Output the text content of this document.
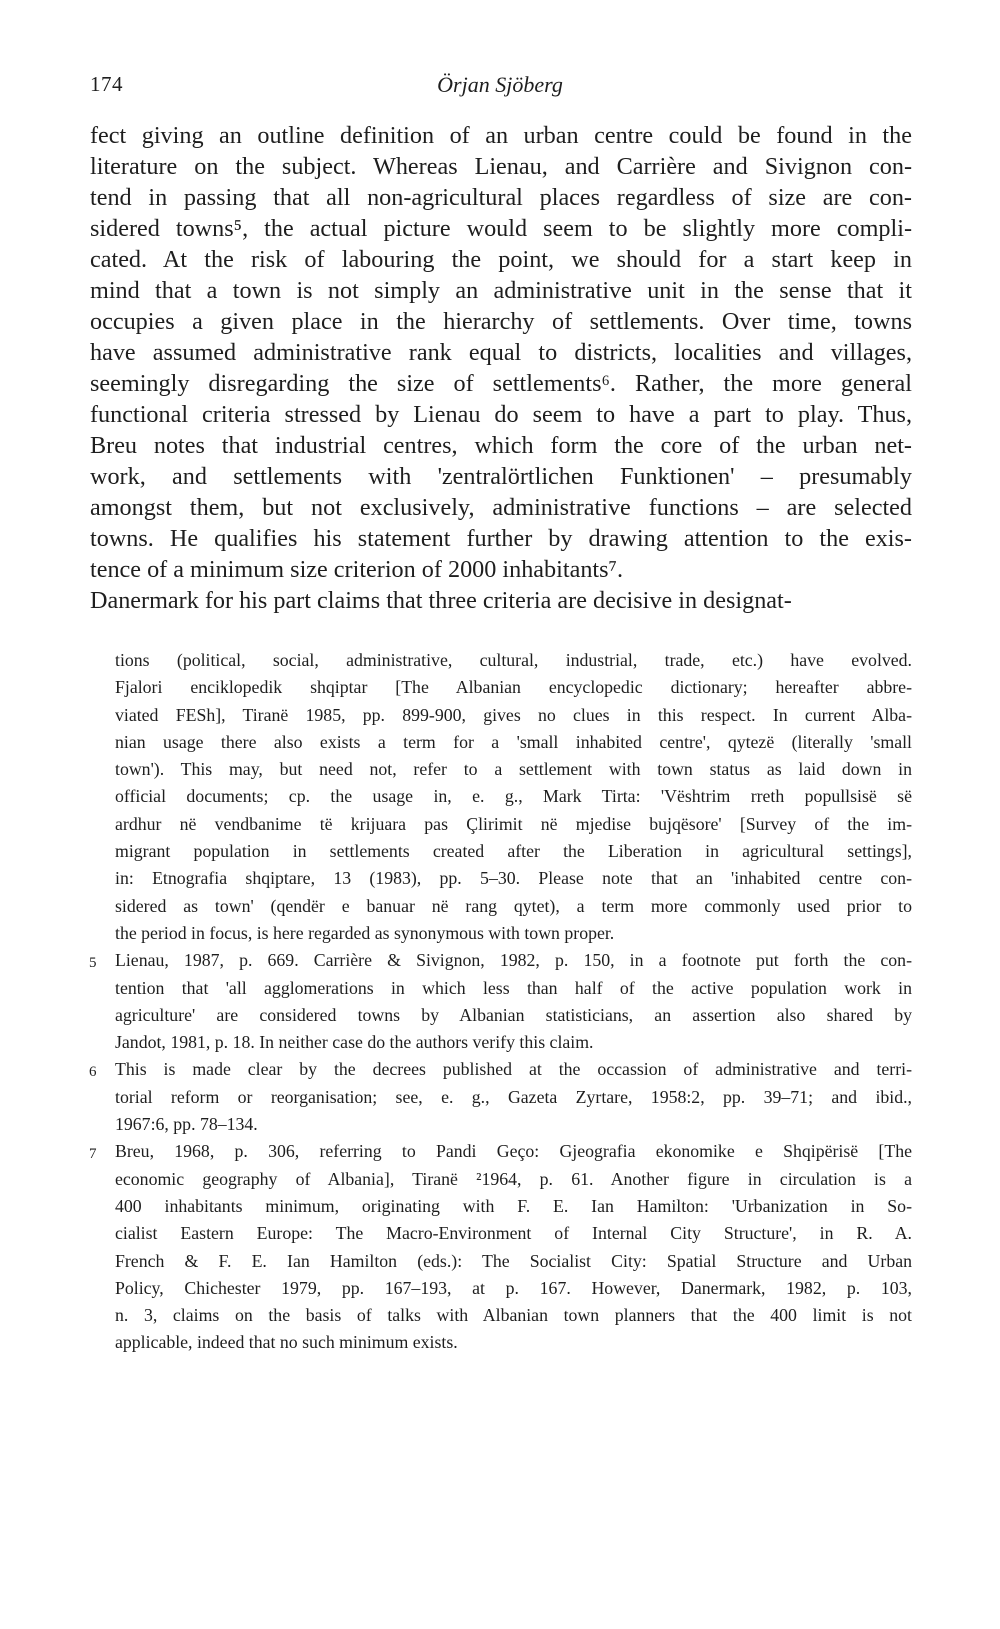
174	Örjan Sjöberg
fect giving an outline definition of an urban centre could be found in the
literature on the subject. Whereas Lienau, and Carrière and Sivignon con-
tend in passing that all non-agricultural places regardless of size are con-
sidered towns⁵, the actual picture would seem to be slightly more compli-
cated. At the risk of labouring the point, we should for a start keep in
mind that a town is not simply an administrative unit in the sense that it
occupies a given place in the hierarchy of settlements. Over time, towns
have assumed administrative rank equal to districts, localities and villages,
seemingly disregarding the size of settlements⁶. Rather, the more general
functional criteria stressed by Lienau do seem to have a part to play. Thus,
Breu notes that industrial centres, which form the core of the urban net-
work, and settlements with 'zentralörtlichen Funktionen' – presumably
amongst them, but not exclusively, administrative functions – are selected
towns. He qualifies his statement further by drawing attention to the exis-
tence of a minimum size criterion of 2000 inhabitants⁷.
Danermark for his part claims that three criteria are decisive in designat-
tions (political, social, administrative, cultural, industrial, trade, etc.) have evolved.
Fjalori enciklopedik shqiptar [The Albanian encyclopedic dictionary; hereafter abbre-
viated FESh], Tiranë 1985, pp. 899-900, gives no clues in this respect. In current Alba-
nian usage there also exists a term for a 'small inhabited centre', qytezë (literally 'small
town'). This may, but need not, refer to a settlement with town status as laid down in
official documents; cp. the usage in, e. g., Mark Tirta: 'Vështrim rreth popullsisë së
ardhur në vendbanime të krijuara pas Çlirimit në mjedise bujqësore' [Survey of the im-
migrant population in settlements created after the Liberation in agricultural settings],
in: Etnografia shqiptare, 13 (1983), pp. 5–30. Please note that an 'inhabited centre con-
sidered as town' (qendër e banuar në rang qytet), a term more commonly used prior to
the period in focus, is here regarded as synonymous with town proper.
5 Lienau, 1987, p. 669. Carrière & Sivignon, 1982, p. 150, in a footnote put forth the con-
tention that 'all agglomerations in which less than half of the active population work in
agriculture' are considered towns by Albanian statisticians, an assertion also shared by
Jandot, 1981, p. 18. In neither case do the authors verify this claim.
6 This is made clear by the decrees published at the occassion of administrative and terri-
torial reform or reorganisation; see, e. g., Gazeta Zyrtare, 1958:2, pp. 39–71; and ibid.,
1967:6, pp. 78–134.
7 Breu, 1968, p. 306, referring to Pandi Geço: Gjeografia ekonomike e Shqipërisë [The
economic geography of Albania], Tiranë ²1964, p. 61. Another figure in circulation is a
400 inhabitants minimum, originating with F. E. Ian Hamilton: 'Urbanization in So-
cialist Eastern Europe: The Macro-Environment of Internal City Structure', in R. A.
French & F. E. Ian Hamilton (eds.): The Socialist City: Spatial Structure and Urban
Policy, Chichester 1979, pp. 167–193, at p. 167. However, Danermark, 1982, p. 103,
n. 3, claims on the basis of talks with Albanian town planners that the 400 limit is not
applicable, indeed that no such minimum exists.
